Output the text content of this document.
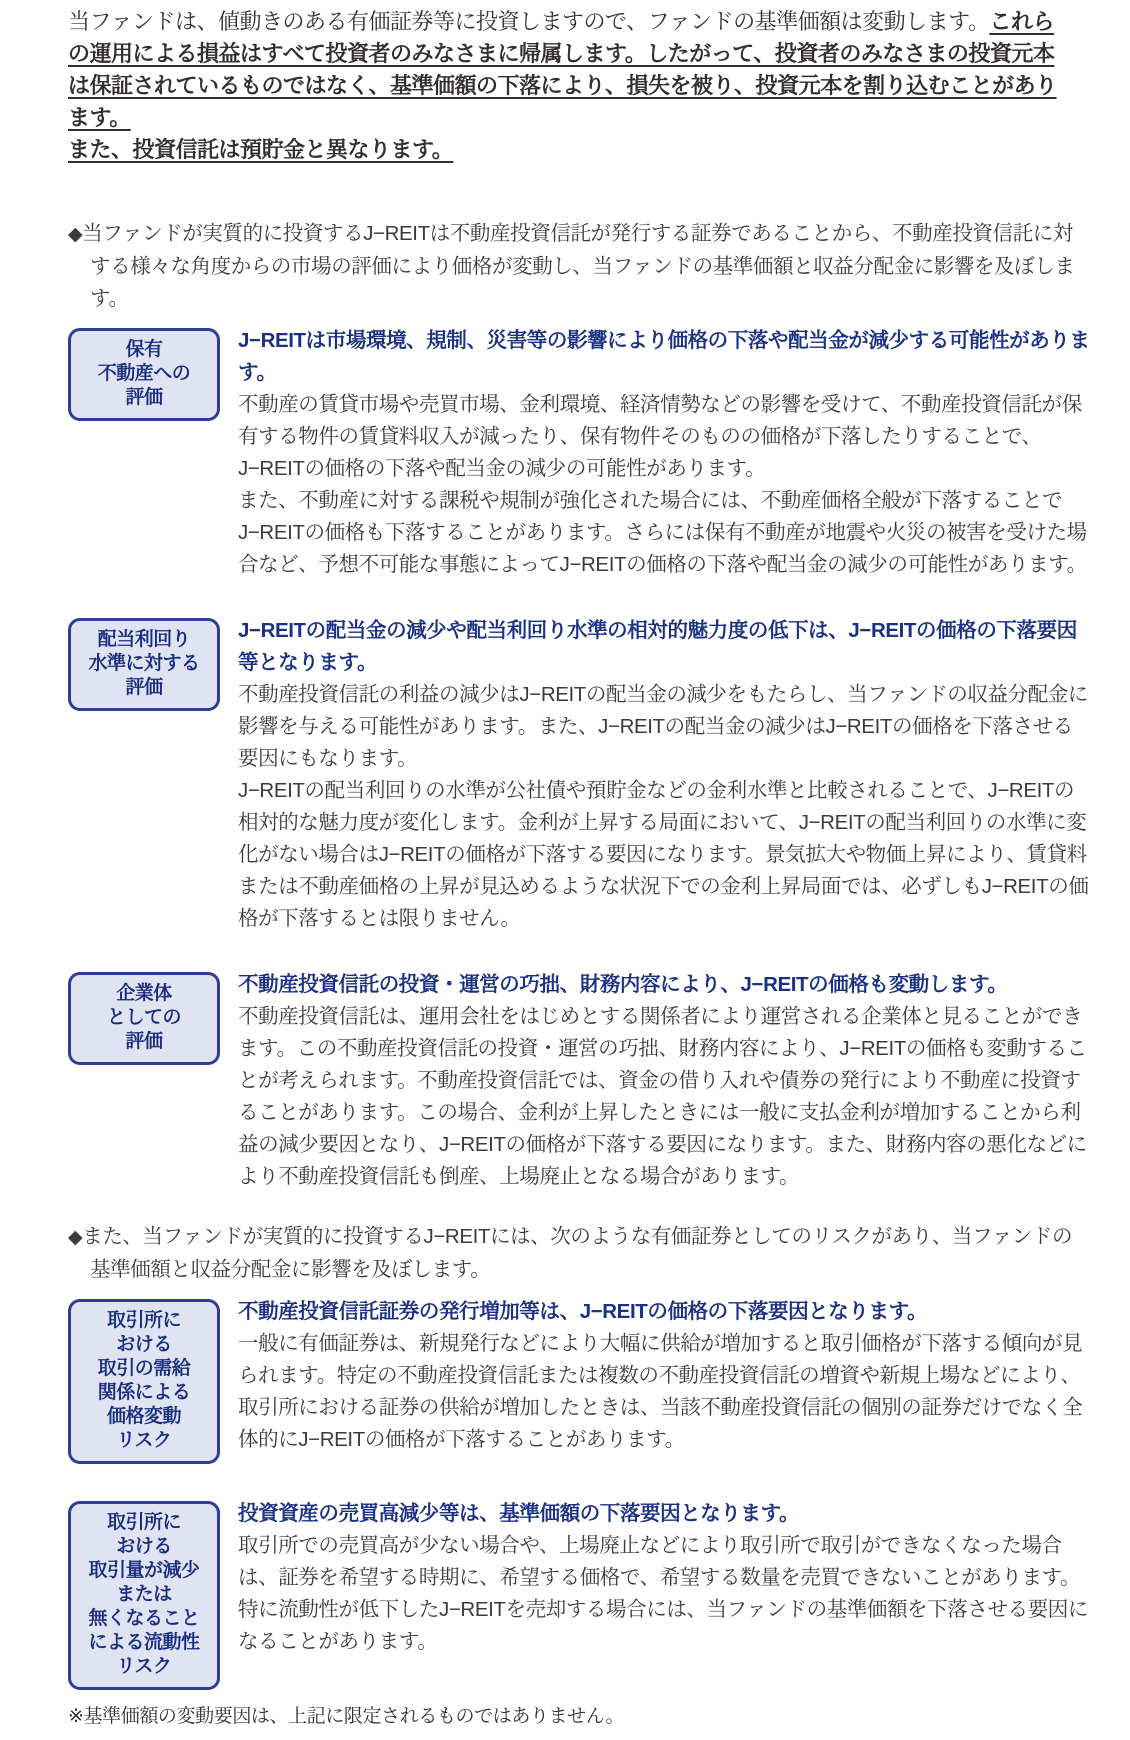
当ファンドは、値動きのある有価証券等に投資しますので、ファンドの基準価額は変動します。これらの運用による損益はすべて投資者のみなさまに帰属します。したがって、投資者のみなさまの投資元本は保証されているものではなく、基準価額の下落により、損失を被り、投資元本を割り込むことがあります。

また、投資信託は預貯金と異なります。

◆当ファンドが実質的に投資するJ−REITは不動産投資信託が発行する証券であることから、不動産投資信託に対する様々な角度からの市場の評価により価格が変動し、当ファンドの基準価額と収益分配金に影響を及ぼします。

保有
不動産への
評価

J−REITは市場環境、規制、災害等の影響により価格の下落や配当金が減少する可能性があります。

不動産の賃貸市場や売買市場、金利環境、経済情勢などの影響を受けて、不動産投資信託が保有する物件の賃貸料収入が減ったり、保有物件そのものの価格が下落したりすることで、J−REITの価格の下落や配当金の減少の可能性があります。

また、不動産に対する課税や規制が強化された場合には、不動産価格全般が下落することでJ−REITの価格も下落することがあります。さらには保有不動産が地震や火災の被害を受けた場合など、予想不可能な事態によってJ−REITの価格の下落や配当金の減少の可能性があります。

配当利回り
水準に対する
評価

J−REITの配当金の減少や配当利回り水準の相対的魅力度の低下は、J−REITの価格の下落要因等となります。

不動産投資信託の利益の減少はJ−REITの配当金の減少をもたらし、当ファンドの収益分配金に影響を与える可能性があります。また、J−REITの配当金の減少はJ−REITの価格を下落させる要因にもなります。

J−REITの配当利回りの水準が公社債や預貯金などの金利水準と比較されることで、J−REITの相対的な魅力度が変化します。金利が上昇する局面において、J−REITの配当利回りの水準に変化がない場合はJ−REITの価格が下落する要因になります。景気拡大や物価上昇により、賃貸料または不動産価格の上昇が見込めるような状況下での金利上昇局面では、必ずしもJ−REITの価格が下落するとは限りません。

企業体
としての
評価

不動産投資信託の投資・運営の巧拙、財務内容により、J−REITの価格も変動します。

不動産投資信託は、運用会社をはじめとする関係者により運営される企業体と見ることができます。この不動産投資信託の投資・運営の巧拙、財務内容により、J−REITの価格も変動することが考えられます。不動産投資信託では、資金の借り入れや債券の発行により不動産に投資することがあります。この場合、金利が上昇したときには一般に支払金利が増加することから利益の減少要因となり、J−REITの価格が下落する要因になります。また、財務内容の悪化などにより不動産投資信託も倒産、上場廃止となる場合があります。

◆また、当ファンドが実質的に投資するJ−REITには、次のような有価証券としてのリスクがあり、当ファンドの基準価額と収益分配金に影響を及ぼします。

取引所に
おける
取引の需給
関係による
価格変動
リスク

不動産投資信託証券の発行増加等は、J−REITの価格の下落要因となります。

一般に有価証券は、新規発行などにより大幅に供給が増加すると取引価格が下落する傾向が見られます。特定の不動産投資信託または複数の不動産投資信託の増資や新規上場などにより、取引所における証券の供給が増加したときは、当該不動産投資信託の個別の証券だけでなく全体的にJ−REITの価格が下落することがあります。

取引所に
おける
取引量が減少
または
無くなること
による流動性
リスク

投資資産の売買高減少等は、基準価額の下落要因となります。

取引所での売買高が少ない場合や、上場廃止などにより取引所で取引ができなくなった場合は、証券を希望する時期に、希望する価格で、希望する数量を売買できないことがあります。特に流動性が低下したJ−REITを売却する場合には、当ファンドの基準価額を下落させる要因になることがあります。

※基準価額の変動要因は、上記に限定されるものではありません。
